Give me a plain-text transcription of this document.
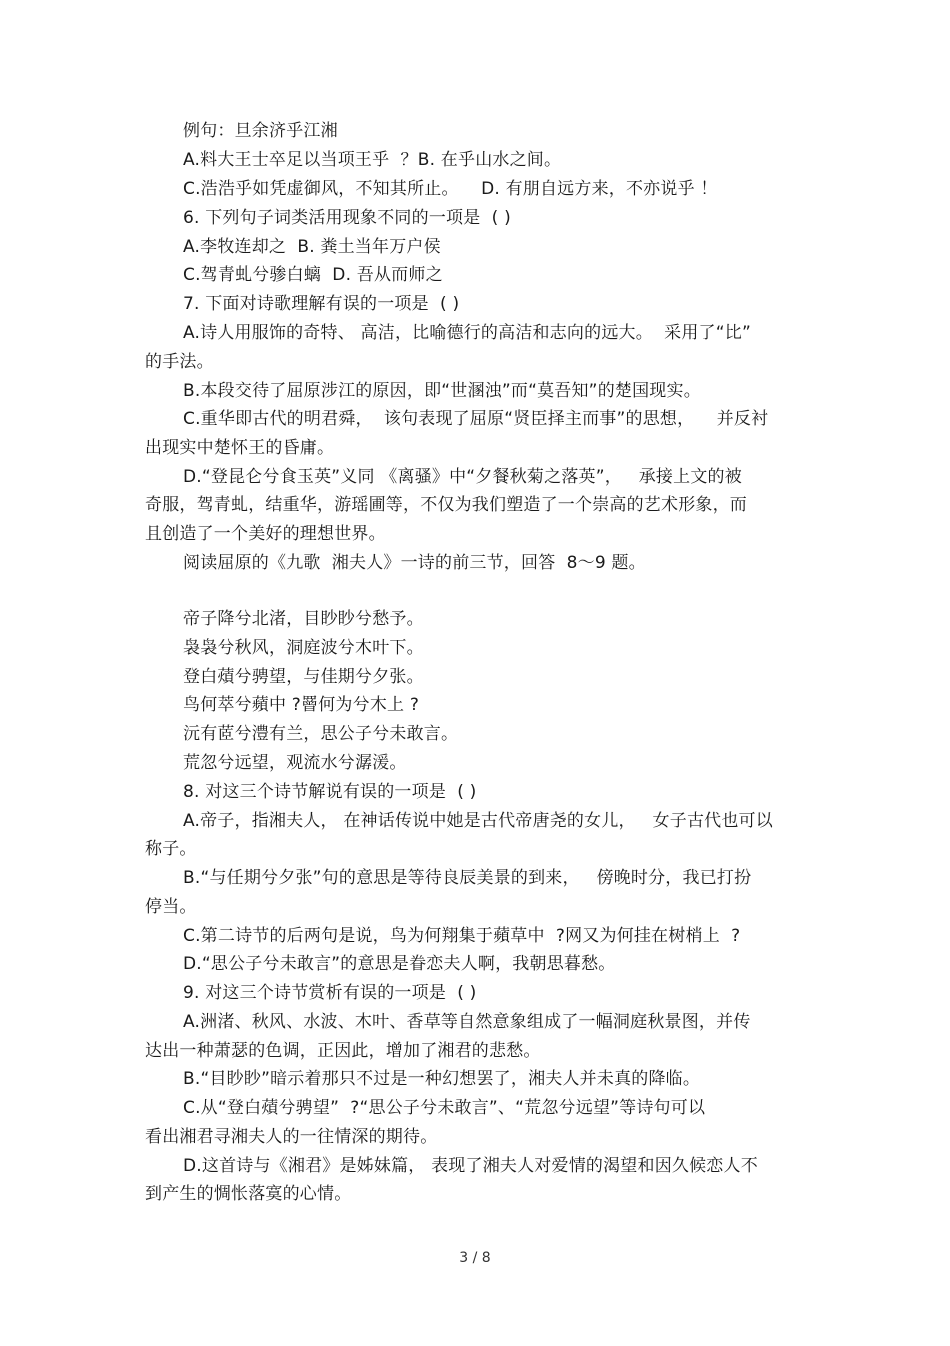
例句：旦余济乎江湘
A.料大王士卒足以当项王乎  ？B. 在乎山水之间。
C.浩浩乎如凭虚御风，不知其所止。    D. 有朋自远方来，不亦说乎 ！
6. 下列句子词类活用现象不同的一项是  ( )
A.李牧连却之  B. 粪土当年万户侯
C.驾青虬兮骖白螭  D. 吾从而师之
7. 下面对诗歌理解有误的一项是  ( )
A.诗人用服饰的奇特、 高洁，比喻德行的高洁和志向的远大。  采用了“比”
的手法。
B.本段交待了屈原涉江的原因，即“世溷浊”而“莫吾知”的楚国现实。
C.重华即古代的明君舜，  该句表现了屈原“贤臣择主而事”的思想，    并反衬
出现实中楚怀王的昏庸。
D.“登昆仑兮食玉英”义同 《离骚》中“夕餐秋菊之落英”，   承接上文的被
奇服，驾青虬，结重华，游瑶圃等，不仅为我们塑造了一个崇高的艺术形象，而
且创造了一个美好的理想世界。
阅读屈原的《九歌  湘夫人》一诗的前三节，回答  8～9 题。
帝子降兮北渚，目眇眇兮愁予。
袅袅兮秋风，洞庭波兮木叶下。
登白薠兮骋望，与佳期兮夕张。
鸟何萃兮蘋中 ?罾何为兮木上 ?
沅有茝兮澧有兰，思公子兮未敢言。
荒忽兮远望，观流水兮潺湲。
8. 对这三个诗节解说有误的一项是  ( )
A.帝子，指湘夫人， 在神话传说中她是古代帝唐尧的女儿，   女子古代也可以
称子。
B.“与任期兮夕张”句的意思是等待良辰美景的到来，   傍晚时分，我已打扮
停当。
C.第二诗节的后两句是说，鸟为何翔集于蘋草中  ?网又为何挂在树梢上  ?
D.“思公子兮未敢言”的意思是眷恋夫人啊，我朝思暮愁。
9. 对这三个诗节赏析有误的一项是  ( )
A.洲渚、秋风、水波、木叶、香草等自然意象组成了一幅洞庭秋景图，并传
达出一种萧瑟的色调，正因此，增加了湘君的悲愁。
B.“目眇眇”暗示着那只不过是一种幻想罢了，湘夫人并未真的降临。
C.从“登白薠兮骋望”  ?“思公子兮未敢言”、“荒忽兮远望”等诗句可以
看出湘君寻湘夫人的一往情深的期待。
D.这首诗与《湘君》是姊妹篇， 表现了湘夫人对爱情的渴望和因久候恋人不
到产生的惆怅落寞的心情。
3 / 8
